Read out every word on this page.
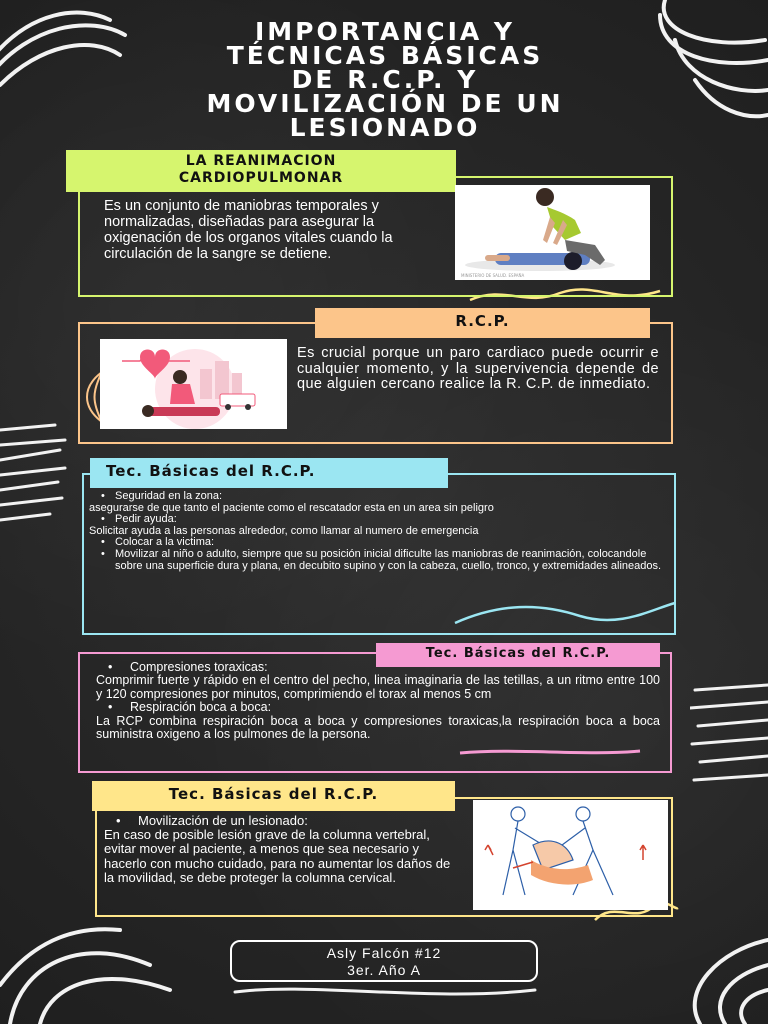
IMPORTANCIA Y
TÉCNICAS BÁSICAS
DE R.C.P. Y
MOVILIZACIÓN DE UN
LESIONADO
LA REANIMACION
CARDIOPULMONAR
Es un conjunto de maniobras temporales y normalizadas, diseñadas para asegurar la oxigenación de los organos vitales cuando la circulación de la sangre se detiene.
MINISTERIO DE SALUD. ESPAÑA
R.C.P.
Es crucial porque un paro cardiaco puede ocurrir e cualquier momento, y la supervivencia depende de que alguien cercano realice la R. C.P. de inmediato.
Tec. Básicas del R.C.P.
• Seguridad en la zona:
asegurarse de que tanto el paciente como el rescatador esta en un area sin peligro
• Pedir ayuda:
Solicitar ayuda a las personas alrededor, como llamar al numero de emergencia
• Colocar a la victima:
• Movilizar al niño o adulto, siempre que su posición inicial dificulte las maniobras de reanimación, colocandole sobre una superficie dura y plana, en decubito supino y con la cabeza, cuello, tronco, y extremidades alineados.
Tec. Básicas del R.C.P.
• Compresiones toraxicas:
Comprimir fuerte y rápido en el centro del pecho, linea imaginaria de las tetillas, a un ritmo entre 100 y 120 compresiones por minutos, comprimiendo el torax al menos 5 cm
• Respiración boca a boca:
La RCP combina respiración boca a boca y compresiones toraxicas,la respiración boca a boca suministra oxigeno a los pulmones de la persona.
Tec. Básicas del R.C.P.
• Movilización de un lesionado:
En caso de posible lesión grave de la columna vertebral, evitar mover al paciente, a menos que sea necesario y hacerlo con mucho cuidado, para no aumentar los daños de la movilidad, se debe proteger la columna cervical.
Asly Falcón #12
3er. Año A
